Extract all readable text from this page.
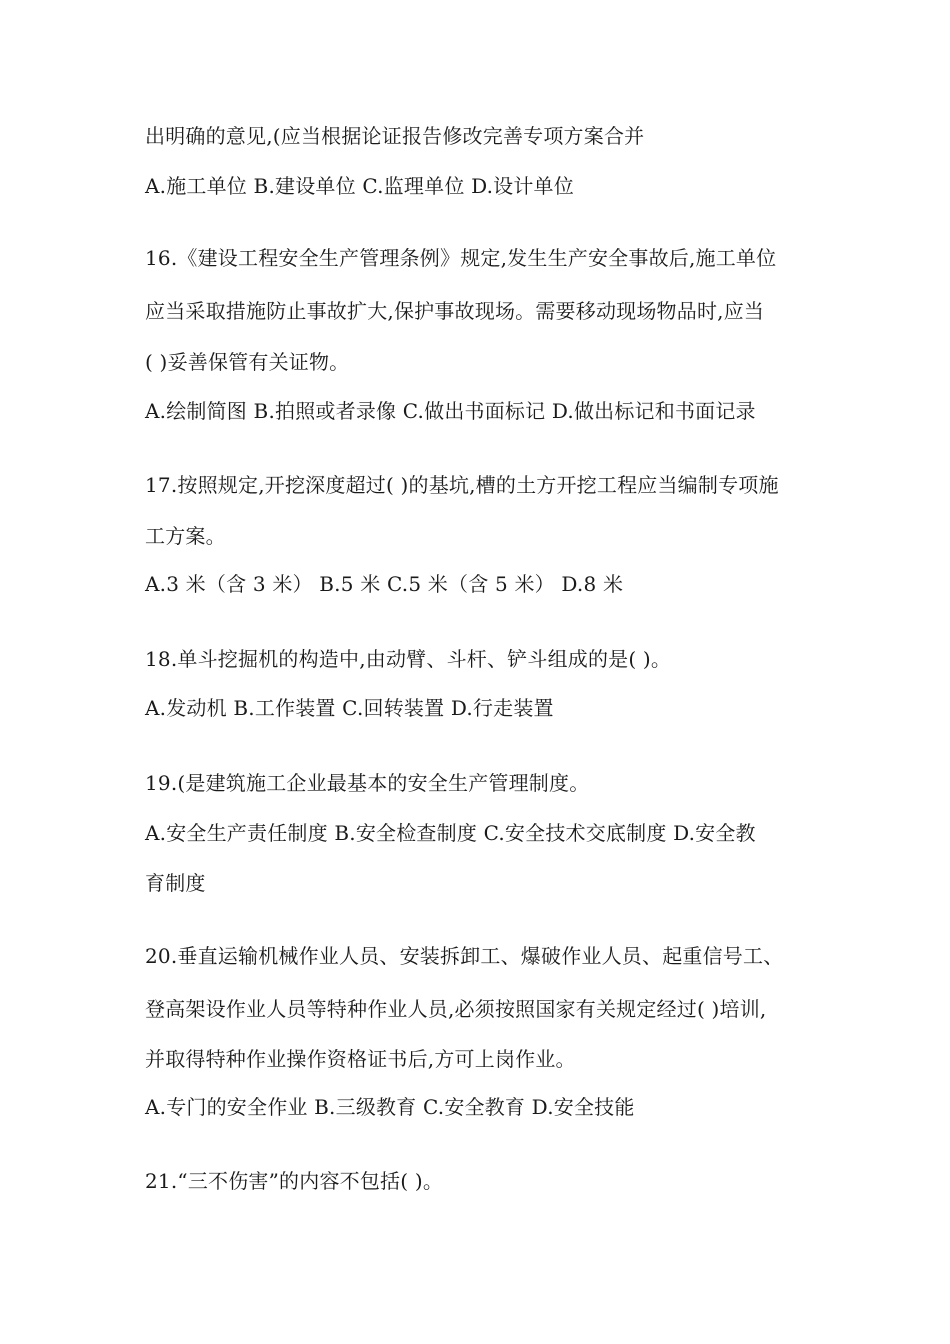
出明确的意见,(应当根据论证报告修改完善专项方案合并
A.施工单位 B.建设单位 C.监理单位 D.设计单位
16.《建设工程安全生产管理条例》规定,发生生产安全事故后,施工单位
应当采取措施防止事故扩大,保护事故现场。需要移动现场物品时,应当
( )妥善保管有关证物。
A.绘制简图 B.拍照或者录像 C.做出书面标记 D.做出标记和书面记录
17.按照规定,开挖深度超过( )的基坑,槽的土方开挖工程应当编制专项施
工方案。
A.3 米（含 3 米） B.5 米 C.5 米（含 5 米） D.8 米
18.单斗挖掘机的构造中,由动臂、斗杆、铲斗组成的是( )。
A.发动机 B.工作装置 C.回转装置 D.行走装置
19.(是建筑施工企业最基本的安全生产管理制度。
A.安全生产责任制度 B.安全检查制度 C.安全技术交底制度 D.安全教
育制度
20.垂直运输机械作业人员、安装拆卸工、爆破作业人员、起重信号工、
登高架设作业人员等特种作业人员,必须按照国家有关规定经过( )培训,
并取得特种作业操作资格证书后,方可上岗作业。
A.专门的安全作业 B.三级教育 C.安全教育 D.安全技能
21.“三不伤害”的内容不包括( )。
